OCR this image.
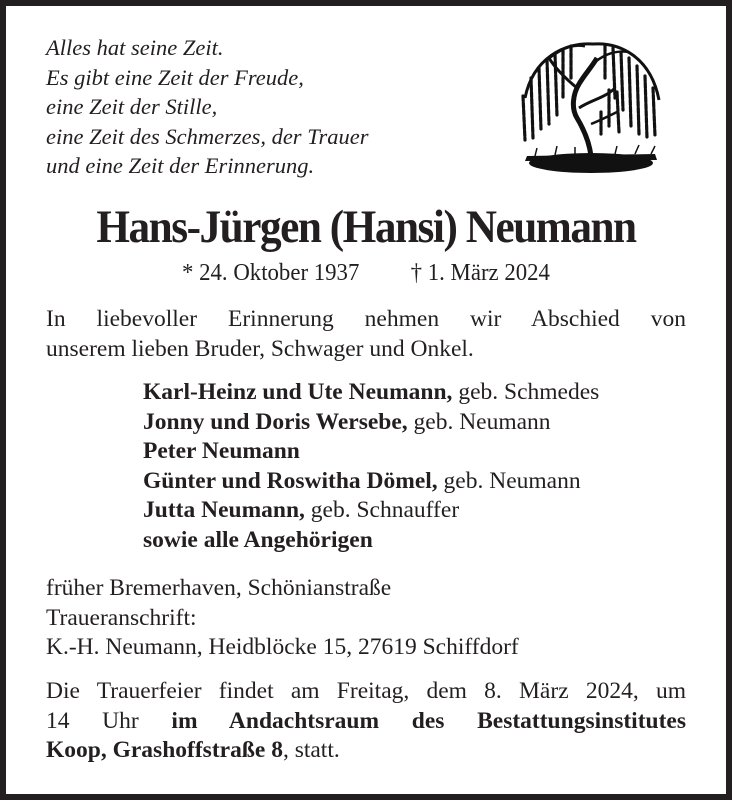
Alles hat seine Zeit.
Es gibt eine Zeit der Freude,
eine Zeit der Stille,
eine Zeit des Schmerzes, der Trauer
und eine Zeit der Erinnerung.
Hans-Jürgen (Hansi) Neumann
* 24. Oktober 1937 † 1. März 2024
In liebevoller Erinnerung nehmen wir Abschied von
unserem lieben Bruder, Schwager und Onkel.
Karl-Heinz und Ute Neumann, geb. Schmedes
Jonny und Doris Wersebe, geb. Neumann
Peter Neumann
Günter und Roswitha Dömel, geb. Neumann
Jutta Neumann, geb. Schnauffer
sowie alle Angehörigen
früher Bremerhaven, Schönianstraße
Traueranschrift:
K.-H. Neumann, Heidblöcke 15, 27619 Schiffdorf
Die Trauerfeier findet am Freitag, dem 8. März 2024, um
14 Uhr im Andachtsraum des Bestattungsinstitutes
Koop, Grashoffstraße 8, statt.
